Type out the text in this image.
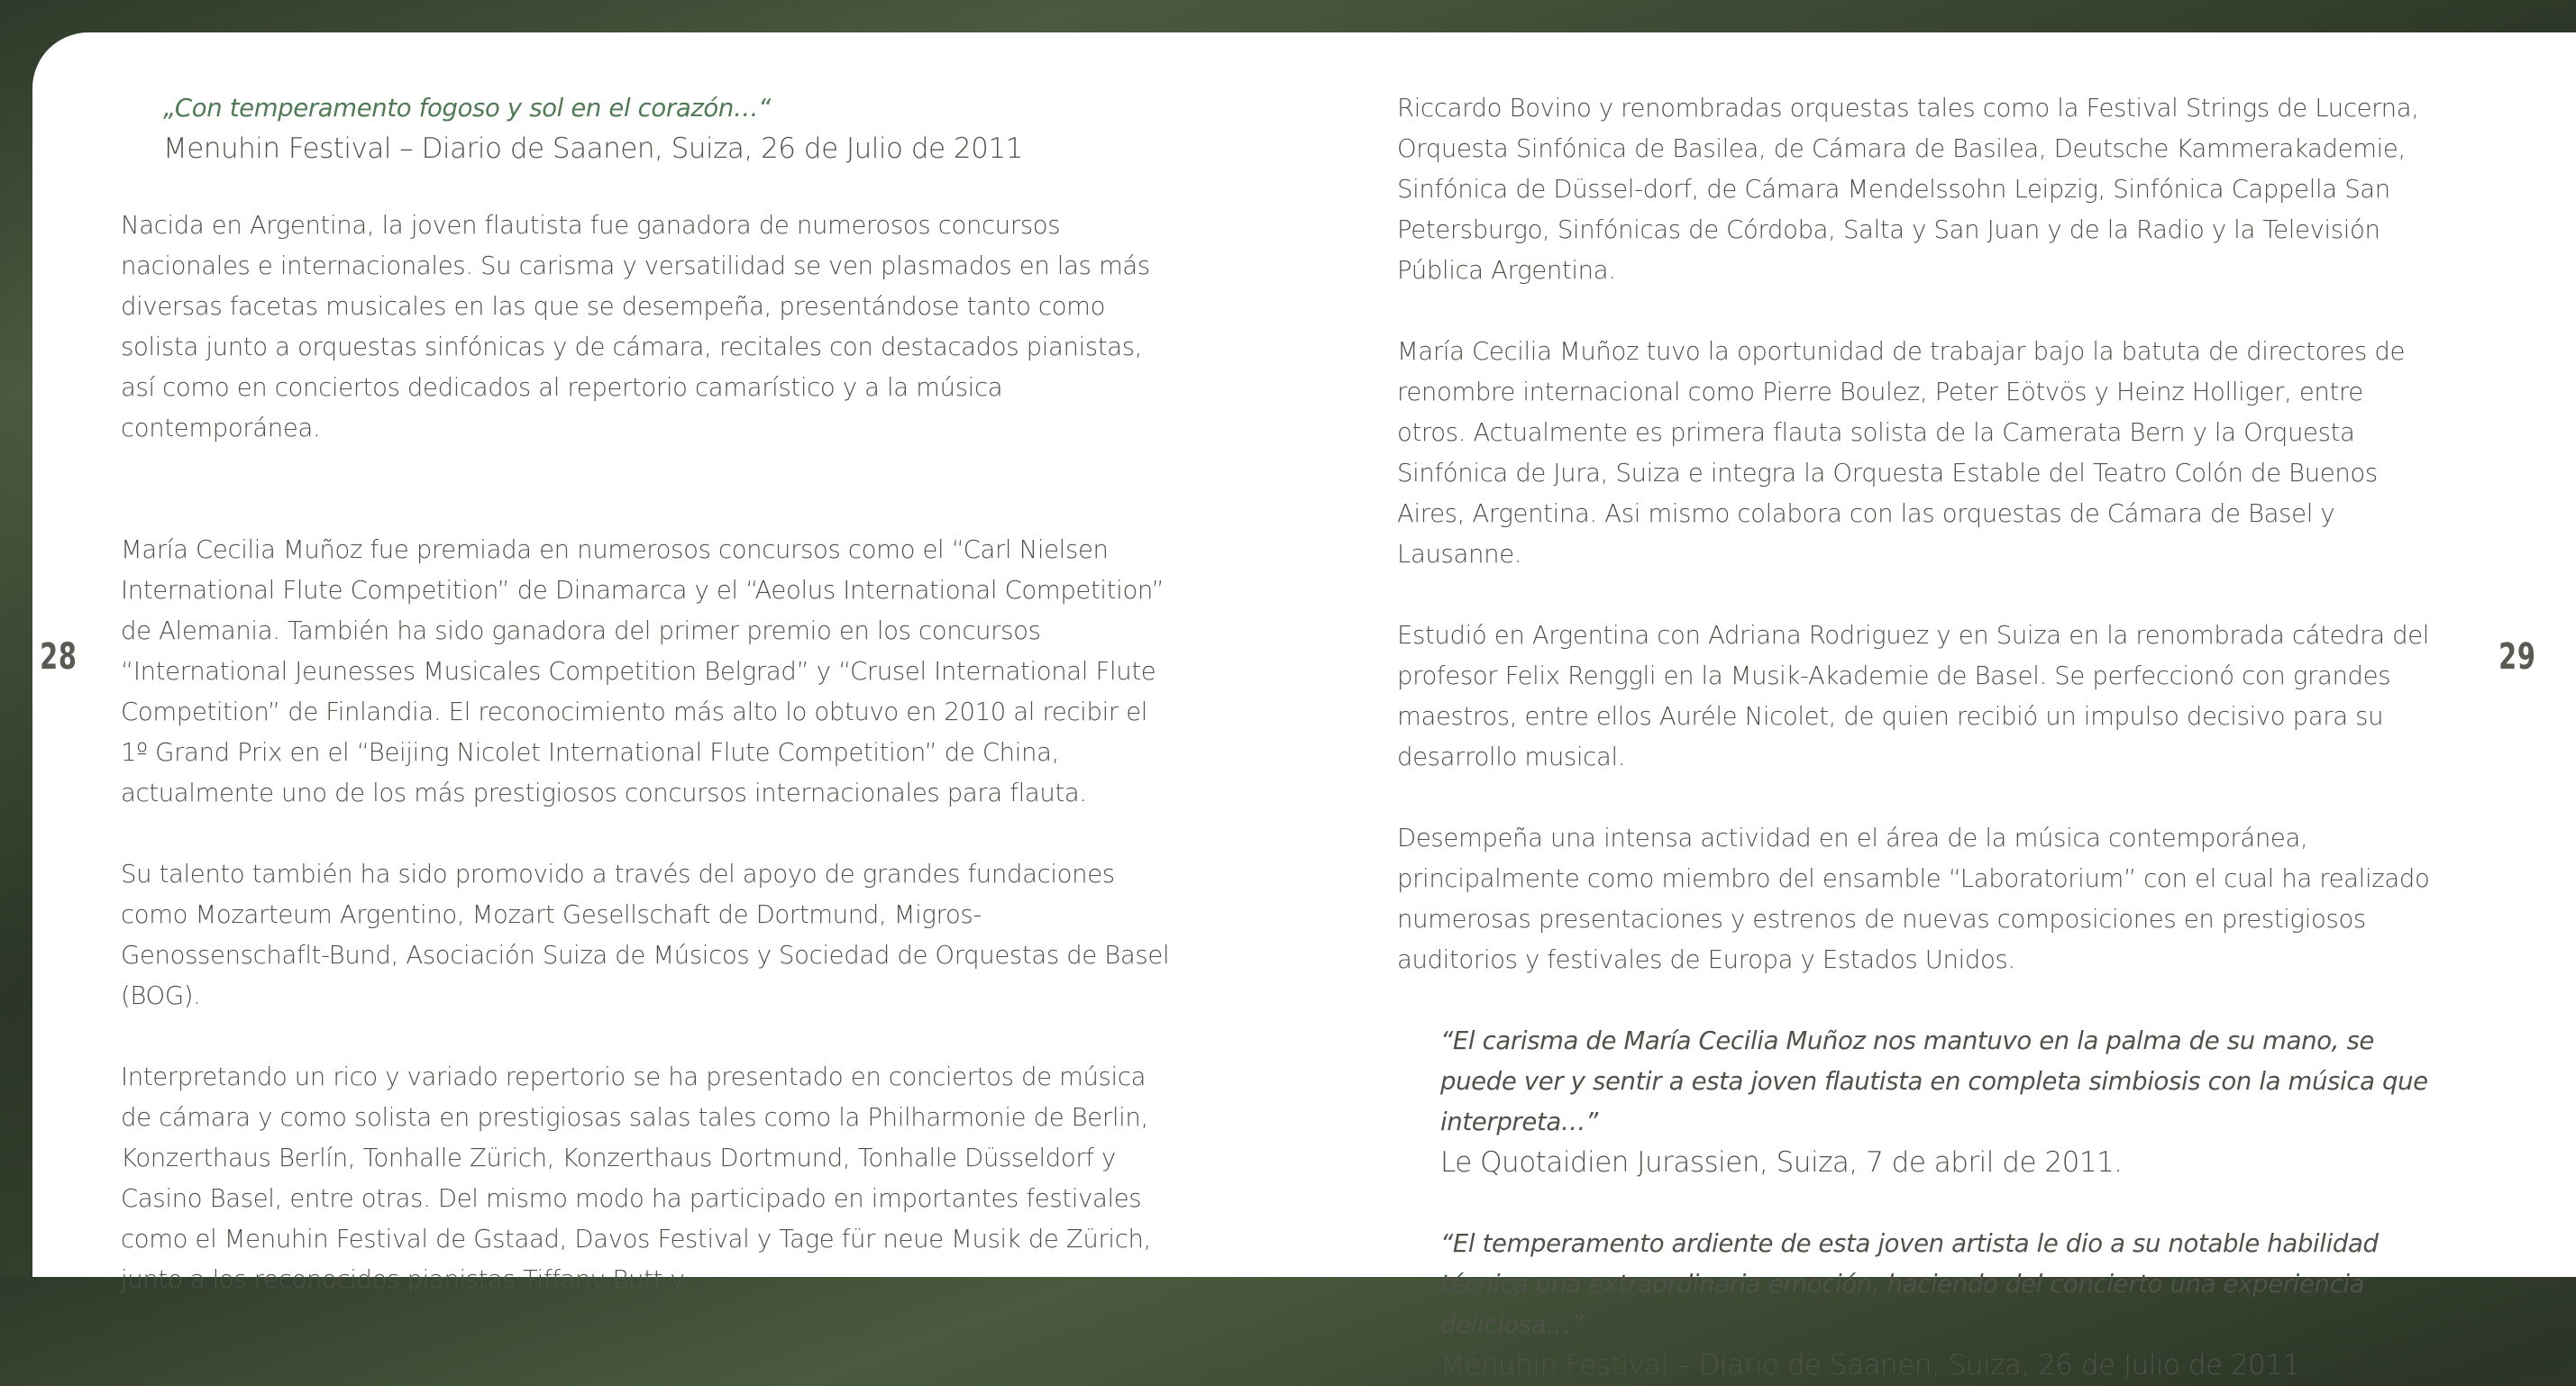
28	29

„Con temperamento fogoso y sol en el corazón…“

Menuhin Festival – Diario de Saanen, Suiza, 26 de Julio de 2011

Nacida en Argentina, la joven flautista fue ganadora de numerosos concursos nacionales e internacionales. Su carisma y versatilidad se ven plasmados en las más diversas facetas musicales en las que se desempeña, presentándose tanto como solista junto a orquestas sinfónicas y de cámara, recitales con destacados pianistas, así como en conciertos dedicados al repertorio camarístico y a la música contemporánea.

María Cecilia Muñoz fue premiada en numerosos concursos como el “Carl Nielsen International Flute Competition” de Dinamarca y el “Aeolus International Competition” de Alemania. También ha sido ganadora del primer premio en los concursos “International Jeunesses Musicales Competition Belgrad” y “Crusel International Flute Competition” de Finlandia. El reconocimiento más alto lo obtuvo en 2010 al recibir el 1º Grand Prix en el “Beijing Nicolet International Flute Competition” de China, actualmente uno de los más prestigiosos concursos internacionales para flauta.

Su talento también ha sido promovido a través del apoyo de grandes fundaciones como Mozarteum Argentino, Mozart Gesellschaft de Dortmund, Migros-Genossenschaflt-Bund, Asociación Suiza de Músicos y Sociedad de Orquestas de Basel (BOG).

Interpretando un rico y variado repertorio se ha presentado en conciertos de música de cámara y como solista en prestigiosas salas tales como la Philharmonie de Berlin, Konzerthaus Berlín, Tonhalle Zürich, Konzerthaus Dortmund, Tonhalle Düsseldorf y Casino Basel, entre otras. Del mismo modo ha participado en importantes festivales como el Menuhin Festival de Gstaad, Davos Festival y Tage für neue Musik de Zürich, junto a los reconocidos pianistas Tiffany Butt y

Riccardo Bovino y renombradas orquestas tales como la Festival Strings de Lucerna, Orquesta Sinfónica de Basilea, de Cámara de Basilea, Deutsche Kammerakademie, Sinfónica de Düssel-dorf, de Cámara Mendelssohn Leipzig, Sinfónica Cappella San Petersburgo, Sinfónicas de Córdoba, Salta y San Juan y de la Radio y la Televisión Pública Argentina.

María Cecilia Muñoz tuvo la oportunidad de trabajar bajo la batuta de directores de renombre internacional como Pierre Boulez, Peter Eötvös y Heinz Holliger, entre otros. Actualmente es primera flauta solista de la Camerata Bern y la Orquesta Sinfónica de Jura, Suiza e integra la Orquesta Estable del Teatro Colón de Buenos Aires, Argentina. Asi mismo colabora con las orquestas de Cámara de Basel y Lausanne.

Estudió en Argentina con Adriana Rodriguez y en Suiza en la renombrada cátedra del profesor Felix Renggli en la Musik-Akademie de Basel. Se perfeccionó con grandes maestros, entre ellos Auréle Nicolet, de quien recibió un impulso decisivo para su desarrollo musical.

Desempeña una intensa actividad en el área de la música contemporánea, principalmente como miembro del ensamble “Laboratorium” con el cual ha realizado numerosas presentaciones y estrenos de nuevas composiciones en prestigiosos auditorios y festivales de Europa y Estados Unidos.

“El carisma de María Cecilia Muñoz nos mantuvo en la palma de su mano, se puede ver y sentir a esta joven flautista en completa simbiosis con la música que interpreta…”

Le Quotaidien Jurassien, Suiza, 7 de abril de 2011.

“El temperamento ardiente de esta joven artista le dio a su notable habilidad técnica una extraordinaria emoción, haciendo del concierto una experiencia deliciosa…”

Menuhin Festival – Diario de Saanen, Suiza, 26 de Julio de 2011
